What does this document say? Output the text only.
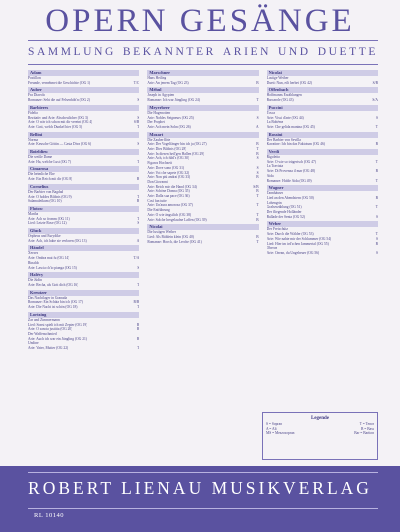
OPERN GESÄNGE
SAMMLUNG BEKANNTER ARIEN UND DUETTE
Adam
Postillon
Freunde, vernehmet die Geschichte (OG 1)	T/C
Auber
Fra Diavolo
Romanze: Seht die auf Felsenhöh'n (OG 2)	S
Barbieres
Fidelio
Rezitativ und Arie: Abscheulicher (OG 3)	S
Arie: O wär ich schon mit dir vereint (OG 4)	S/B
Arie: Gott, welch Dunkel hier (OG 5)	T
Bellini
Norma
Arie: Keusche Göttin — Casta Diva (OG 6)	S
Boieldieu
Die weiße Dame
Arie: Ha, welche Lust (OG 7)	T
Cimarosa
Die heimliche Ehe
Arie: Ein Reich mit dir (OG 8)	B
Cornelius
Der Barbier von Bagdad
Arie: O holdes Bildnis (OG 9)	T
Salamaleikum (OG 10)	B
Flotow
Martha
Arie: Ach so fromm (OG 11)	T
Lied: Letzte Rose (OG 12)	S
Gluck
Orpheus und Eurydike
Arie: Ach, ich habe sie verloren (OG 13)	A
Händel
Xerxes
Arie: Ombra mai fu (OG 14)	T/A
Rinaldo
Arie: Lascia ch'io pianga (OG 15)	S
Halévy
Die Jüdin
Arie: Recha, als Gott dich (OG 16)	T
Kreutzer
Das Nachtlager in Granada
Romanze: Ein Schütz bin ich (OG 17)	B/B
Arie: Die Nacht ist schön (OG 18)	T
Lortzing
Zar und Zimmermann
Lied: Sonst spielt ich mit Zepter (OG 19)	B
Arie: O sancta justitia (OG 20)	B
Der Waffenschmied
Arie: Auch ich war ein Jüngling (OG 21)	B
Undine
Arie: Vater, Mutter (OG 22)	T
Marschner
Hans Heiling
Arie: An jenem Tag (OG 23)	B
Méhul
Joseph in Ägypten
Romanze: Ich war Jüngling (OG 24)	T
Meyerbeer
Die Hugenotten
Arie: Nobles Seigneurs (OG 25)	S
Der Prophet
Arie: Ach mein Sohn (OG 26)	A
Mozart
Die Zauberflöte
Arie: Der Vogelfänger bin ich ja (OG 27)	B
Arie: Dies Bildnis (OG 28)	T
Arie: In diesen heil'gen Hallen (OG 29)	B
Arie: Ach, ich fühl's (OG 30)	S
Figaros Hochzeit
Arie: Dove sono (OG 31)	S
Arie: Voi che sapete (OG 32)	S
Arie: Non più andrai (OG 33)	B
Don Giovanni
Arie: Reich mir die Hand (OG 34)	S/B
Arie: Schöne Donna (OG 35)	B
Arie: Dalla sua pace (OG 36)	T
Così fan tutte
Arie: Un'aura amorosa (OG 37)	T
Die Entführung
Arie: O wie ängstlich (OG 38)	T
Arie: Solche hergelaufne Laffen (OG 39)	B
Nicolai
Die lustigen Weiber
Lied: Als Büblein klein (OG 40)	B
Romanze: Horch, die Lerche (OG 41)	T
Nicolai
Lustige Weiber
Duett: Nun, eilt herbei (OG 42)	S/B
Offenbach
Hoffmanns Erzählungen
Barcarole (OG 43)	S/A
Puccini
Tosca
Arie: Vissi d'arte (OG 44)	S
La Bohème
Arie: Che gelida manina (OG 45)	T
Rossini
Der Barbier von Sevilla
Kavatine: Ich bin das Faktotum (OG 46)	B
Verdi
Rigoletto
Arie: O wie so trügerisch (OG 47)	T
La Traviata
Arie: Di Provenza il mar (OG 48)	B
Aida
Romanze: Holde Aida (OG 49)	T
Wagner
Tannhäuser
Lied an den Abendstern (OG 50)	B
Lohengrin
Gralserzählung (OG 51)	T
Der fliegende Holländer
Ballade der Senta (OG 52)	S
Weber
Der Freischütz
Arie: Durch die Wälder (OG 53)	T
Arie: Wie nahte mir der Schlummer (OG 54)	S
Lied: Hier im ird'schen Jammertal (OG 55)	B
Oberon
Arie: Ozean, du Ungeheuer (OG 56)	S
Legende
S = Sopran	T = Tenor
A = Alt	B = Bass
MS = Mezzosopran	Bar = Bariton
ROBERT LIENAU MUSIKVERLAG
RL 10140
